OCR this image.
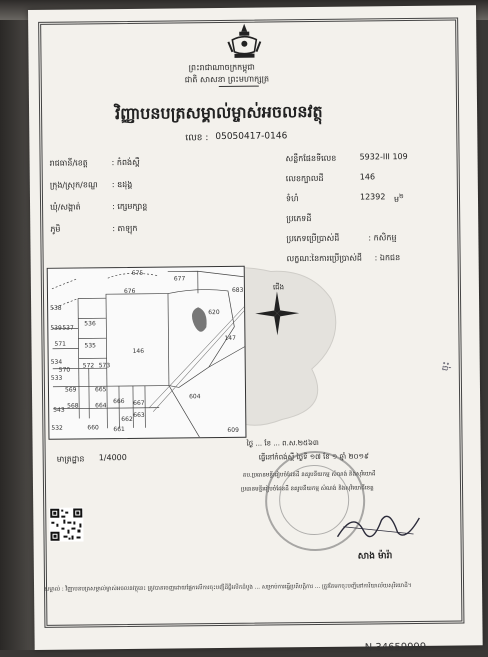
ព្រះរាជាណាចក្រកម្ពុជា
ជាតិ សាសនា ព្រះមហាក្សត្រ
វិញ្ញាបនបត្រសម្គាល់ម្ចាស់អចលនវត្ថុ
លេខ : 05050417-0146
រាជធានី/ខេត្ត	: កំពង់ស្ពឺ
ក្រុង/ស្រុក/ខណ្ឌ : ឧដុង្គ
ឃុំ/សង្កាត់	: ក្សេមក្សាន្ត
ភូមិ	: តាឡុក
សន្លឹកផែនទីលេខ	5932-III 109
លេខក្បាលដី	146
ទំហំ	12392 ម$^២$
ប្រភេទដី
ប្រភេទប្រើប្រាស់ដី	: កសិកម្ម
លក្ខណៈនៃការប្រើប្រាស់ដី : ឯកជន
ជើង
675
676
677
683
538
539 537
536
571	535
146
620
534
570
572 573
147
533
569	665
604
543
568	664
666 667
663
662
660 661
532	609
មាត្រដ្ឋាន 1/4000
ថ្ងៃ ... ខែ ... ព.ស.២៥៦៣
ធ្វើនៅកំពង់ស្ពឺ ថ្ងៃទី ១៧ ខែ ១ ឆ្នាំ ២០១៩
តប.ប្រធានមន្ទីររៀបចំដែនដី នគរូបនីយកម្ម សំណង់ និងសុរិយោដី
ប្រធានមន្ទីររៀបចំដែនដី នគរូបនីយកម្ម សំណង់ និងសុរិយោដីខេត្ត
សាង ម៉ារ៉ា
សម្គាល់ : វិញ្ញាបនបត្រសម្គាល់ម្ចាស់អចលនវត្ថុនេះ ត្រូវបានចេញដោយផ្អែកលើការចុះបញ្ជីដីធ្លីលើកដំបូង ... សម្រាប់ការធ្វើប្រតិបត្តិការ ... ត្រូវតែមកចុះបញ្ជីនៅការិយាល័យសុរិយោដី។
N 34659999
ចុះ
